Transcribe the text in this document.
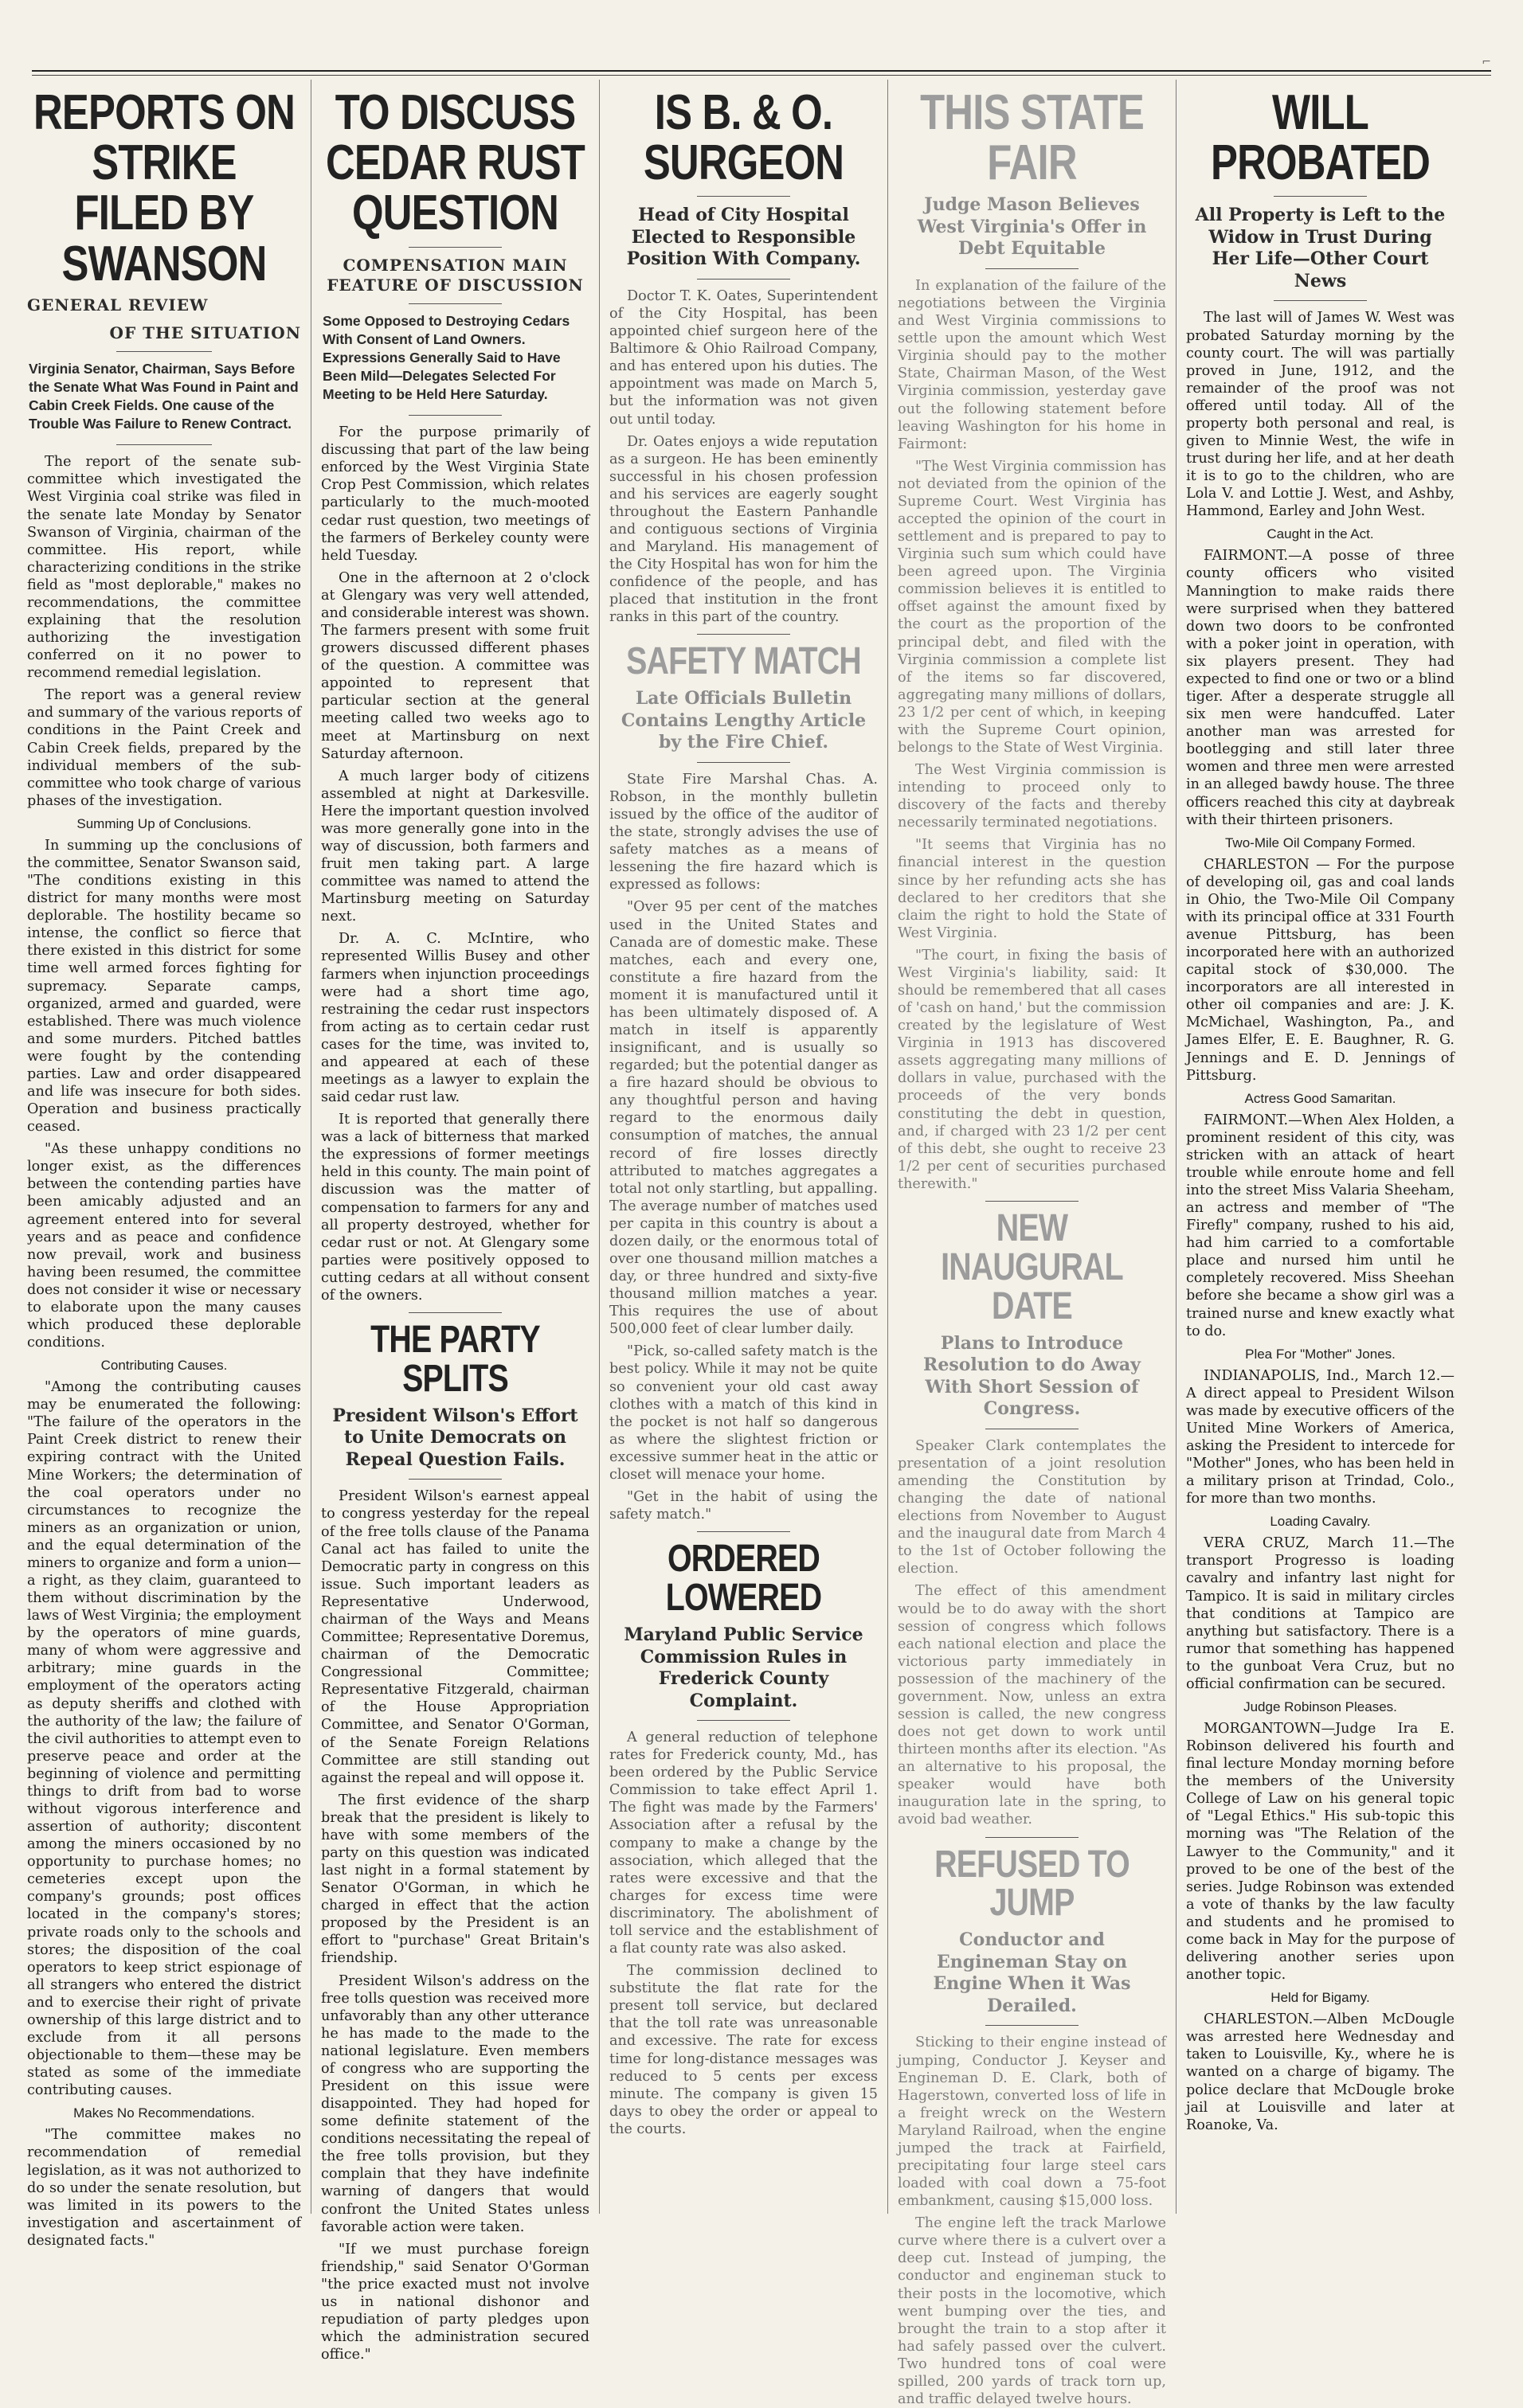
⌐
REPORTS ON STRIKE FILED BY SWANSON
GENERAL REVIEW
OF THE SITUATION
Virginia Senator, Chairman, Says Before the Senate What Was Found in Paint and Cabin Creek Fields. One cause of the Trouble Was Failure to Renew Contract.

The report of the senate sub-committee which investigated the West Virginia coal strike was filed in the senate late Monday by Senator Swanson of Virginia, chairman of the committee. His report, while characterizing conditions in the strike field as "most deplorable," makes no recommendations, the committee explaining that the resolution authorizing the investigation conferred on it no power to recommend remedial legislation.

The report was a general review and summary of the various reports of conditions in the Paint Creek and Cabin Creek fields, prepared by the individual members of the sub-committee who took charge of various phases of the investigation.

Summing Up of Conclusions.

In summing up the conclusions of the committee, Senator Swanson said, "The conditions existing in this district for many months were most deplorable. The hostility became so intense, the conflict so fierce that there existed in this district for some time well armed forces fighting for supremacy. Separate camps, organized, armed and guarded, were established. There was much violence and some murders. Pitched battles were fought by the contending parties. Law and order disappeared and life was insecure for both sides. Operation and business practically ceased.

"As these unhappy conditions no longer exist, as the differences between the contending parties have been amicably adjusted and an agreement entered into for several years and as peace and confidence now prevail, work and business having been resumed, the committee does not consider it wise or necessary to elaborate upon the many causes which produced these deplorable conditions.

Contributing Causes.

"Among the contributing causes may be enumerated the following: "The failure of the operators in the Paint Creek district to renew their expiring contract with the United Mine Workers; the determination of the coal operators under no circumstances to recognize the miners as an organization or union, and the equal determination of the miners to organize and form a union—a right, as they claim, guaranteed to them without discrimination by the laws of West Virginia; the employment by the operators of mine guards, many of whom were aggressive and arbitrary; mine guards in the employment of the operators acting as deputy sheriffs and clothed with the authority of the law; the failure of the civil authorities to attempt even to preserve peace and order at the beginning of violence and permitting things to drift from bad to worse without vigorous interference and assertion of authority; discontent among the miners occasioned by no opportunity to purchase homes; no cemeteries except upon the company's grounds; post offices located in the company's stores; private roads only to the schools and stores; the disposition of the coal operators to keep strict espionage of all strangers who entered the district and to exercise their right of private ownership of this large district and to exclude from it all persons objectionable to them—these may be stated as some of the immediate contributing causes.

Makes No Recommendations.

"The committee makes no recommendation of remedial legislation, as it was not authorized to do so under the senate resolution, but was limited in its powers to the investigation and ascertainment of designated facts."

TO DISCUSS CEDAR RUST QUESTION
COMPENSATION MAIN FEATURE OF DISCUSSION
Some Opposed to Destroying Cedars With Consent of Land Owners. Expressions Generally Said to Have Been Mild—Delegates Selected For Meeting to be Held Here Saturday.

For the purpose primarily of discussing that part of the law being enforced by the West Virginia State Crop Pest Commission, which relates particularly to the much-mooted cedar rust question, two meetings of the farmers of Berkeley county were held Tuesday.

One in the afternoon at 2 o'clock at Glengary was very well attended, and considerable interest was shown. The farmers present with some fruit growers discussed different phases of the question. A committee was appointed to represent that particular section at the general meeting called two weeks ago to meet at Martinsburg on next Saturday afternoon.

A much larger body of citizens assembled at night at Darkesville. Here the important question involved was more generally gone into in the way of discussion, both farmers and fruit men taking part. A large committee was named to attend the Martinsburg meeting on Saturday next.

Dr. A. C. McIntire, who represented Willis Busey and other farmers when injunction proceedings were had a short time ago, restraining the cedar rust inspectors from acting as to certain cedar rust cases for the time, was invited to, and appeared at each of these meetings as a lawyer to explain the said cedar rust law.

It is reported that generally there was a lack of bitterness that marked the expressions of former meetings held in this county. The main point of discussion was the matter of compensation to farmers for any and all property destroyed, whether for cedar rust or not. At Glengary some parties were positively opposed to cutting cedars at all without consent of the owners.

THE PARTY SPLITS
President Wilson's Effort to Unite Democrats on Repeal Question Fails.

President Wilson's earnest appeal to congress yesterday for the repeal of the free tolls clause of the Panama Canal act has failed to unite the Democratic party in congress on this issue. Such important leaders as Representative Underwood, chairman of the Ways and Means Committee; Representative Doremus, chairman of the Democratic Congressional Committee; Representative Fitzgerald, chairman of the House Appropriation Committee, and Senator O'Gorman, of the Senate Foreign Relations Committee are still standing out against the repeal and will oppose it.

The first evidence of the sharp break that the president is likely to have with some members of the party on this question was indicated last night in a formal statement by Senator O'Gorman, in which he charged in effect that the action proposed by the President is an effort to "purchase" Great Britain's friendship.

President Wilson's address on the free tolls question was received more unfavorably than any other utterance he has made to the made to the national legislature. Even members of congress who are supporting the President on this issue were disappointed. They had hoped for some definite statement of the conditions necessitating the repeal of the free tolls provision, but they complain that they have indefinite warning of dangers that would confront the United States unless favorable action were taken.

"If we must purchase foreign friendship," said Senator O'Gorman "the price exacted must not involve us in national dishonor and repudiation of party pledges upon which the administration secured office."

IS B. & O. SURGEON
Head of City Hospital Elected to Responsible Position With Company.

Doctor T. K. Oates, Superintendent of the City Hospital, has been appointed chief surgeon here of the Baltimore & Ohio Railroad Company, and has entered upon his duties. The appointment was made on March 5, but the information was not given out until today.

Dr. Oates enjoys a wide reputation as a surgeon. He has been eminently successful in his chosen profession and his services are eagerly sought throughout the Eastern Panhandle and contiguous sections of Virginia and Maryland. His management of the City Hospital has won for him the confidence of the people, and has placed that institution in the front ranks in this part of the country.

SAFETY MATCH
Late Officials Bulletin Contains Lengthy Article by the Fire Chief.

State Fire Marshal Chas. A. Robson, in the monthly bulletin issued by the office of the auditor of the state, strongly advises the use of safety matches as a means of lessening the fire hazard which is expressed as follows:

"Over 95 per cent of the matches used in the United States and Canada are of domestic make. These matches, each and every one, constitute a fire hazard from the moment it is manufactured until it has been ultimately disposed of. A match in itself is apparently insignificant, and is usually so regarded; but the potential danger as a fire hazard should be obvious to any thoughtful person and having regard to the enormous daily consumption of matches, the annual record of fire losses directly attributed to matches aggregates a total not only startling, but appalling. The average number of matches used per capita in this country is about a dozen daily, or the enormous total of over one thousand million matches a day, or three hundred and sixty-five thousand million matches a year. This requires the use of about 500,000 feet of clear lumber daily.

"Pick, so-called safety match is the best policy. While it may not be quite so convenient your old cast away clothes with a match of this kind in the pocket is not half so dangerous as where the slightest friction or excessive summer heat in the attic or closet will menace your home.

"Get in the habit of using the safety match."

ORDERED LOWERED
Maryland Public Service Commission Rules in Frederick County Complaint.

A general reduction of telephone rates for Frederick county, Md., has been ordered by the Public Service Commission to take effect April 1. The fight was made by the Farmers' Association after a refusal by the company to make a change by the association, which alleged that the rates were excessive and that the charges for excess time were discriminatory. The abolishment of toll service and the establishment of a flat county rate was also asked.

The commission declined to substitute the flat rate for the present toll service, but declared that the toll rate was unreasonable and excessive. The rate for excess time for long-distance messages was reduced to 5 cents per excess minute. The company is given 15 days to obey the order or appeal to the courts.

THIS STATE FAIR
Judge Mason Believes West Virginia's Offer in Debt Equitable

In explanation of the failure of the negotiations between the Virginia and West Virginia commissions to settle upon the amount which West Virginia should pay to the mother State, Chairman Mason, of the West Virginia commission, yesterday gave out the following statement before leaving Washington for his home in Fairmont:

"The West Virginia commission has not deviated from the opinion of the Supreme Court. West Virginia has accepted the opinion of the court in settlement and is prepared to pay to Virginia such sum which could have been agreed upon. The Virginia commission believes it is entitled to offset against the amount fixed by the court as the proportion of the principal debt, and filed with the Virginia commission a complete list of the items so far discovered, aggregating many millions of dollars, 23 1/2 per cent of which, in keeping with the Supreme Court opinion, belongs to the State of West Virginia.

The West Virginia commission is intending to proceed only to discovery of the facts and thereby necessarily terminated negotiations.

"It seems that Virginia has no financial interest in the question since by her refunding acts she has declared to her creditors that she claim the right to hold the State of West Virginia.

"The court, in fixing the basis of West Virginia's liability, said: It should be remembered that all cases of 'cash on hand,' but the commission created by the legislature of West Virginia in 1913 has discovered assets aggregating many millions of dollars in value, purchased with the proceeds of the very bonds constituting the debt in question, and, if charged with 23 1/2 per cent of this debt, she ought to receive 23 1/2 per cent of securities purchased therewith."

NEW INAUGURAL DATE
Plans to Introduce Resolution to do Away With Short Session of Congress.

Speaker Clark contemplates the presentation of a joint resolution amending the Constitution by changing the date of national elections from November to August and the inaugural date from March 4 to the 1st of October following the election.

The effect of this amendment would be to do away with the short session of congress which follows each national election and place the victorious party immediately in possession of the machinery of the government. Now, unless an extra session is called, the new congress does not get down to work until thirteen months after its election. "As an alternative to his proposal, the speaker would have both inauguration late in the spring, to avoid bad weather.

REFUSED TO JUMP
Conductor and Engineman Stay on Engine When it Was Derailed.

Sticking to their engine instead of jumping, Conductor J. Keyser and Engineman D. E. Clark, both of Hagerstown, converted loss of life in a freight wreck on the Western Maryland Railroad, when the engine jumped the track at Fairfield, precipitating four large steel cars loaded with coal down a 75-foot embankment, causing $15,000 loss.

The engine left the track Marlowe curve where there is a culvert over a deep cut. Instead of jumping, the conductor and engineman stuck to their posts in the locomotive, which went bumping over the ties, and brought the train to a stop after it had safely passed over the culvert. Two hundred tons of coal were spilled, 200 yards of track torn up, and traffic delayed twelve hours.

WILL PROBATED
All Property is Left to the Widow in Trust During Her Life—Other Court News

The last will of James W. West was probated Saturday morning by the county court. The will was partially proved in June, 1912, and the remainder of the proof was not offered until today. All of the property both personal and real, is given to Minnie West, the wife in trust during her life, and at her death it is to go to the children, who are Lola V. and Lottie J. West, and Ashby, Hammond, Earley and John West.

Caught in the Act.

FAIRMONT.—A posse of three county officers who visited Manningtion to make raids there were surprised when they battered down two doors to be confronted with a poker joint in operation, with six players present. They had expected to find one or two or a blind tiger. After a desperate struggle all six men were handcuffed. Later another man was arrested for bootlegging and still later three women and three men were arrested in an alleged bawdy house. The three officers reached this city at daybreak with their thirteen prisoners.

Two-Mile Oil Company Formed.

CHARLESTON — For the purpose of developing oil, gas and coal lands in Ohio, the Two-Mile Oil Company with its principal office at 331 Fourth avenue Pittsburg, has been incorporated here with an authorized capital stock of $30,000. The incorporators are all interested in other oil companies and are: J. K. McMichael, Washington, Pa., and James Elfer, E. E. Baughner, R. G. Jennings and E. D. Jennings of Pittsburg.

Actress Good Samaritan.

FAIRMONT.—When Alex Holden, a prominent resident of this city, was stricken with an attack of heart trouble while enroute home and fell into the street Miss Valaria Sheeham, an actress and member of "The Firefly" company, rushed to his aid, had him carried to a comfortable place and nursed him until he completely recovered. Miss Sheehan before she became a show girl was a trained nurse and knew exactly what to do.

Plea For "Mother" Jones.

INDIANAPOLIS, Ind., March 12.—A direct appeal to President Wilson was made by executive officers of the United Mine Workers of America, asking the President to intercede for "Mother" Jones, who has been held in a military prison at Trindad, Colo., for more than two months.

Loading Cavalry.

VERA CRUZ, March 11.—The transport Progresso is loading cavalry and infantry last night for Tampico. It is said in military circles that conditions at Tampico are anything but satisfactory. There is a rumor that something has happened to the gunboat Vera Cruz, but no official confirmation can be secured.

Judge Robinson Pleases.

MORGANTOWN—Judge Ira E. Robinson delivered his fourth and final lecture Monday morning before the members of the University College of Law on his general topic of "Legal Ethics." His sub-topic this morning was "The Relation of the Lawyer to the Community," and it proved to be one of the best of the series. Judge Robinson was extended a vote of thanks by the law faculty and students and he promised to come back in May for the purpose of delivering another series upon another topic.

Held for Bigamy.

CHARLESTON.—Alben McDougle was arrested here Wednesday and taken to Louisville, Ky., where he is wanted on a charge of bigamy. The police declare that McDougle broke jail at Louisville and later at Roanoke, Va.
